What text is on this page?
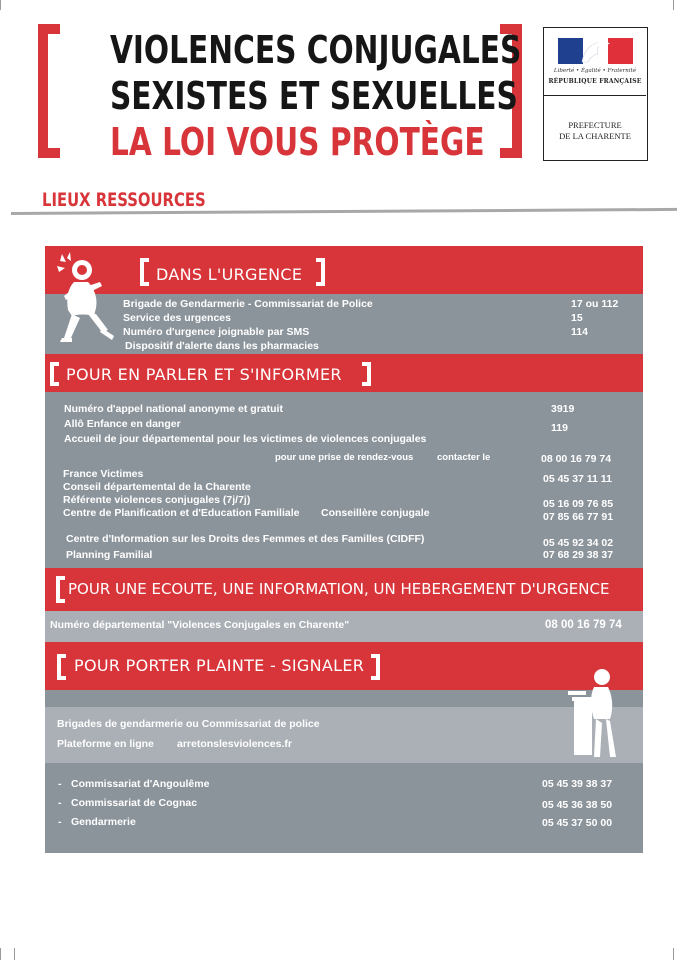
VIOLENCES CONJUGALES
SEXISTES ET SEXUELLES
LA LOI VOUS PROTÈGE
Liberté • Égalité • Fraternité
RÉPUBLIQUE FRANÇAISE
PREFECTURE
DE LA CHARENTE
LIEUX RESSOURCES
DANS L'URGENCE
Brigade de Gendarmerie - Commissariat de Police	17 ou 112
Service des urgences	15
Numéro d'urgence joignable par SMS	114
Dispositif d'alerte dans les pharmacies
POUR EN PARLER ET S'INFORMER
Numéro d'appel national anonyme et gratuit	3919
Allô Enfance en danger	119
Accueil de jour départemental pour les victimes de violences conjugales
pour une prise de rendez-vous contacter le	08 00 16 79 74
France Victimes	05 45 37 11 11
Conseil départemental de la Charente
Référente violences conjugales (7j/7j)	05 16 09 76 85
Centre de Planification et d'Education Familiale Conseillère conjugale	07 85 66 77 91
Centre d'Information sur les Droits des Femmes et des Familles (CIDFF)	05 45 92 34 02
Planning Familial	07 68 29 38 37
POUR UNE ECOUTE, UNE INFORMATION, UN HEBERGEMENT D'URGENCE
Numéro départemental "Violences Conjugales en Charente"	08 00 16 79 74
POUR PORTER PLAINTE - SIGNALER
Brigades de gendarmerie ou Commissariat de police
Plateforme en ligne arretonslesviolences.fr
- Commissariat d'Angoulême	05 45 39 38 37
- Commissariat de Cognac	05 45 36 38 50
- Gendarmerie	05 45 37 50 00
